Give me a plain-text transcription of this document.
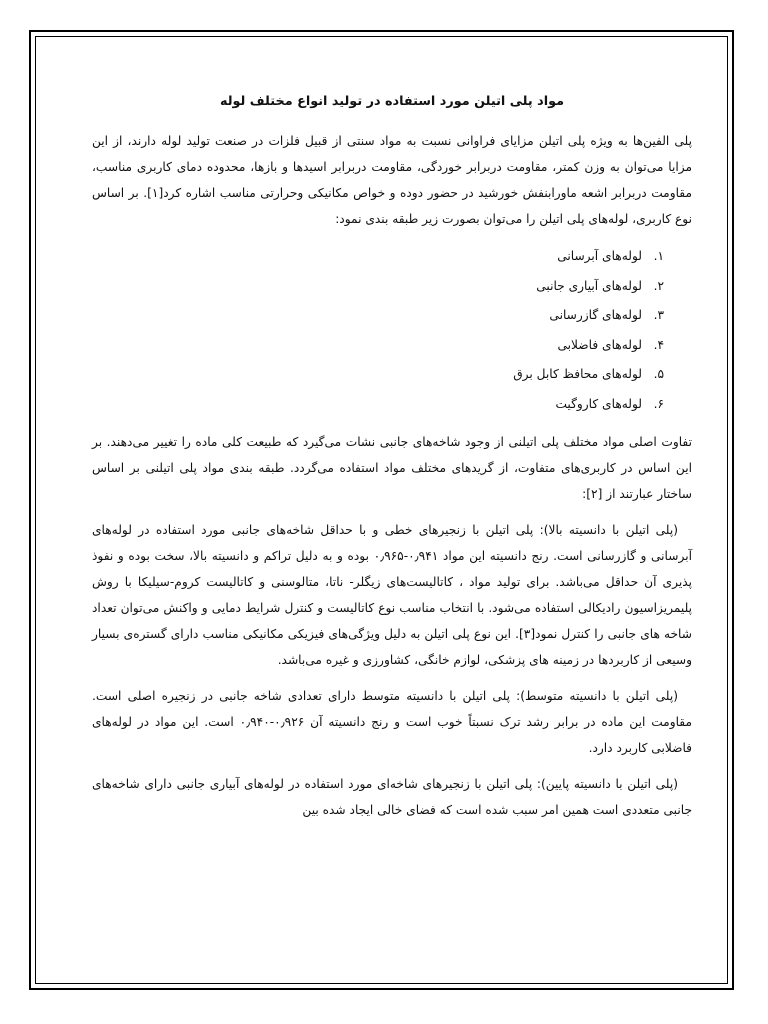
مواد پلی اتیلن مورد استفاده در تولید انواع مختلف لوله

پلی الفین‌ها به ویژه پلی اتیلن مزایای فراوانی نسبت به مواد سنتی از قبیل فلزات در صنعت تولید لوله دارند، از این مزایا می‌توان به وزن کمتر، مقاومت دربرابر خوردگی، مقاومت دربرابر اسیدها و بازها، محدوده دمای کاربری مناسب، مقاومت دربرابر اشعه ماورابنفش خورشید در حضور دوده و خواص مکانیکی وحرارتی مناسب اشاره کرد[۱]. بر اساس نوع کاربری، لوله‌های پلی اتیلن را می‌توان بصورت زیر طبقه بندی نمود:

۱.
لوله‌های آبرسانی
۲.
لوله‌های آبیاری جانبی
۳.
لوله‌های گازرسانی
۴.
لوله‌های فاضلابی
۵.
لوله‌های محافظ کابل برق
۶.
لوله‌های کاروگیت

تفاوت اصلی مواد مختلف پلی اتیلنی از وجود شاخه‌های جانبی نشات می‌گیرد که طبیعت کلی ماده را تغییر می‌دهند. بر این اساس در کاربری‌های متفاوت، از گریدهای مختلف مواد استفاده می‌گردد. طبقه بندی مواد پلی اتیلنی بر اساس ساختار عبارتند از [۲]:

(پلی اتیلن با دانسیته بالا): پلی اتیلن با زنجیرهای خطی و با حداقل شاخه‌های جانبی مورد استفاده در لوله‌های آبرسانی و گازرسانی است. رنج دانسیته این مواد ۰٫۹۴۱-۰٫۹۶۵ بوده و به دلیل تراکم و دانسیته بالا، سخت بوده و نفوذ پذیری آن حداقل می‌باشد. برای تولید مواد ، کاتالیست‌های زیگلر- ناتا، متالوسنی و کاتالیست کروم-سیلیکا با روش پلیمریزاسیون رادیکالی استفاده می‌شود. با انتخاب مناسب نوع کاتالیست و کنترل شرایط دمایی و واکنش می‌توان تعداد شاخه های جانبی را کنترل نمود[۳]. این نوع پلی اتیلن به دلیل ویژگی‌های فیزیکی مکانیکی مناسب دارای گستره‌ی بسیار وسیعی از کاربردها در زمینه های پزشکی، لوازم خانگی، کشاورزی و غیره می‌باشد.

(پلی اتیلن با دانسیته متوسط): پلی اتیلن با دانسیته متوسط دارای تعدادی شاخه جانبی در زنجیره اصلی است. مقاومت این ماده در برابر رشد ترک نسبتاً خوب است و رنج دانسیته آن ۰٫۹۲۶-۰٫۹۴۰ است. این مواد در لوله‌های فاضلابی کاربرد دارد.

(پلی اتیلن با دانسیته پایین): پلی اتیلن با زنجیرهای شاخه‌ای مورد استفاده در لوله‌های آبیاری جانبی دارای شاخه‌های جانبی متعددی است همین امر سبب شده است که فضای خالی ایجاد شده بین
